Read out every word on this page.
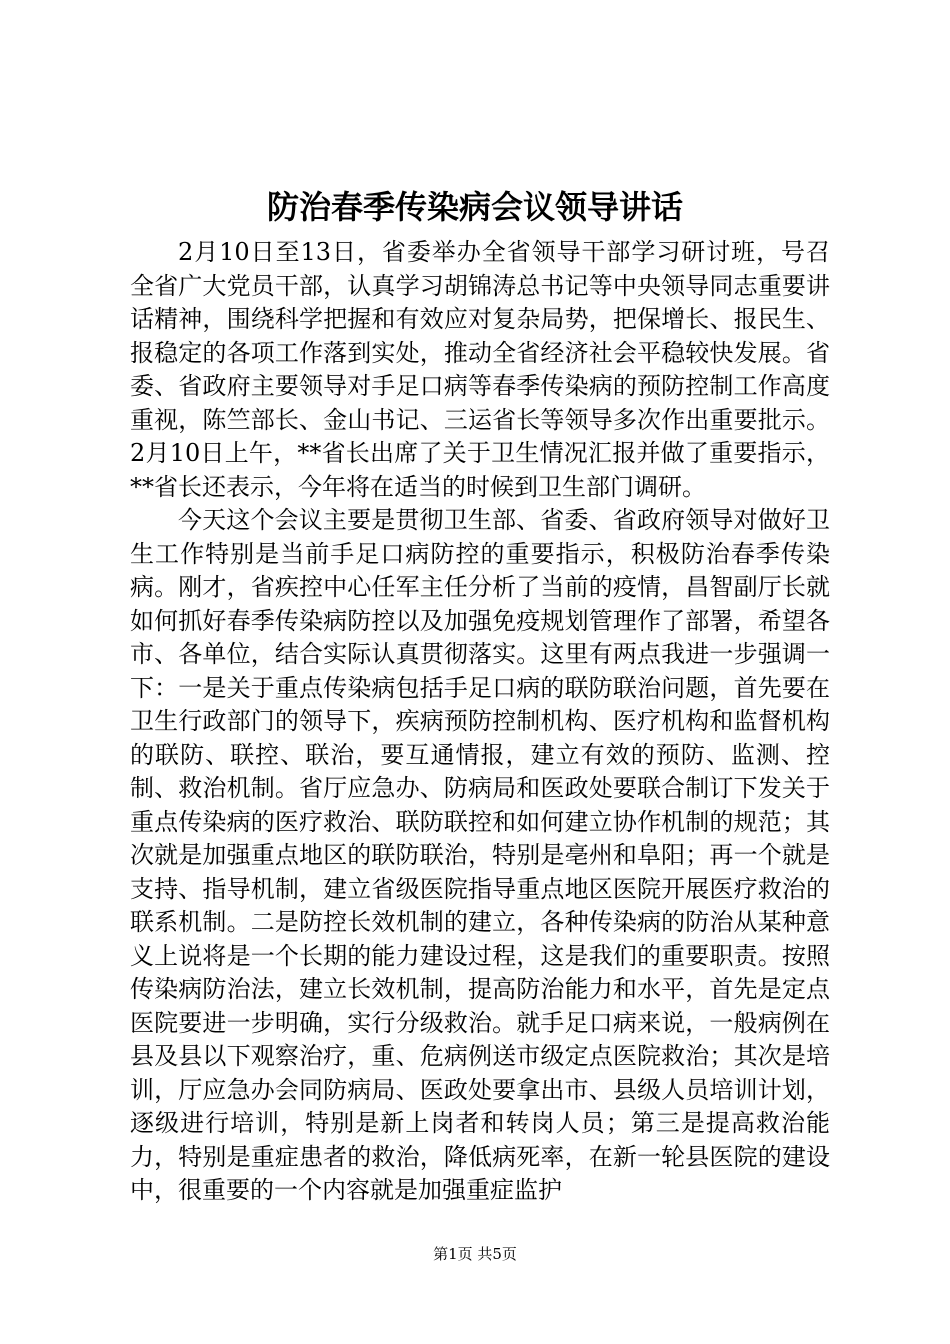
防治春季传染病会议领导讲话

2月10日至13日，省委举办全省领导干部学习研讨班，号召全省广大党员干部，认真学习胡锦涛总书记等中央领导同志重要讲话精神，围绕科学把握和有效应对复杂局势，把保增长、报民生、报稳定的各项工作落到实处，推动全省经济社会平稳较快发展。省委、省政府主要领导对手足口病等春季传染病的预防控制工作高度重视，陈竺部长、金山书记、三运省长等领导多次作出重要批示。2月10日上午，**省长出席了关于卫生情况汇报并做了重要指示，**省长还表示，今年将在适当的时候到卫生部门调研。

今天这个会议主要是贯彻卫生部、省委、省政府领导对做好卫生工作特别是当前手足口病防控的重要指示，积极防治春季传染病。刚才，省疾控中心任军主任分析了当前的疫情，昌智副厅长就如何抓好春季传染病防控以及加强免疫规划管理作了部署，希望各市、各单位，结合实际认真贯彻落实。这里有两点我进一步强调一下：一是关于重点传染病包括手足口病的联防联治问题，首先要在卫生行政部门的领导下，疾病预防控制机构、医疗机构和监督机构的联防、联控、联治，要互通情报，建立有效的预防、监测、控制、救治机制。省厅应急办、防病局和医政处要联合制订下发关于重点传染病的医疗救治、联防联控和如何建立协作机制的规范；其次就是加强重点地区的联防联治，特别是亳州和阜阳；再一个就是支持、指导机制，建立省级医院指导重点地区医院开展医疗救治的联系机制。二是防控长效机制的建立，各种传染病的防治从某种意义上说将是一个长期的能力建设过程，这是我们的重要职责。按照传染病防治法，建立长效机制，提高防治能力和水平，首先是定点医院要进一步明确，实行分级救治。就手足口病来说，一般病例在县及县以下观察治疗，重、危病例送市级定点医院救治；其次是培训，厅应急办会同防病局、医政处要拿出市、县级人员培训计划，逐级进行培训，特别是新上岗者和转岗人员；第三是提高救治能力，特别是重症患者的救治，降低病死率，在新一轮县医院的建设中，很重要的一个内容就是加强重症监护

第1页 共5页
